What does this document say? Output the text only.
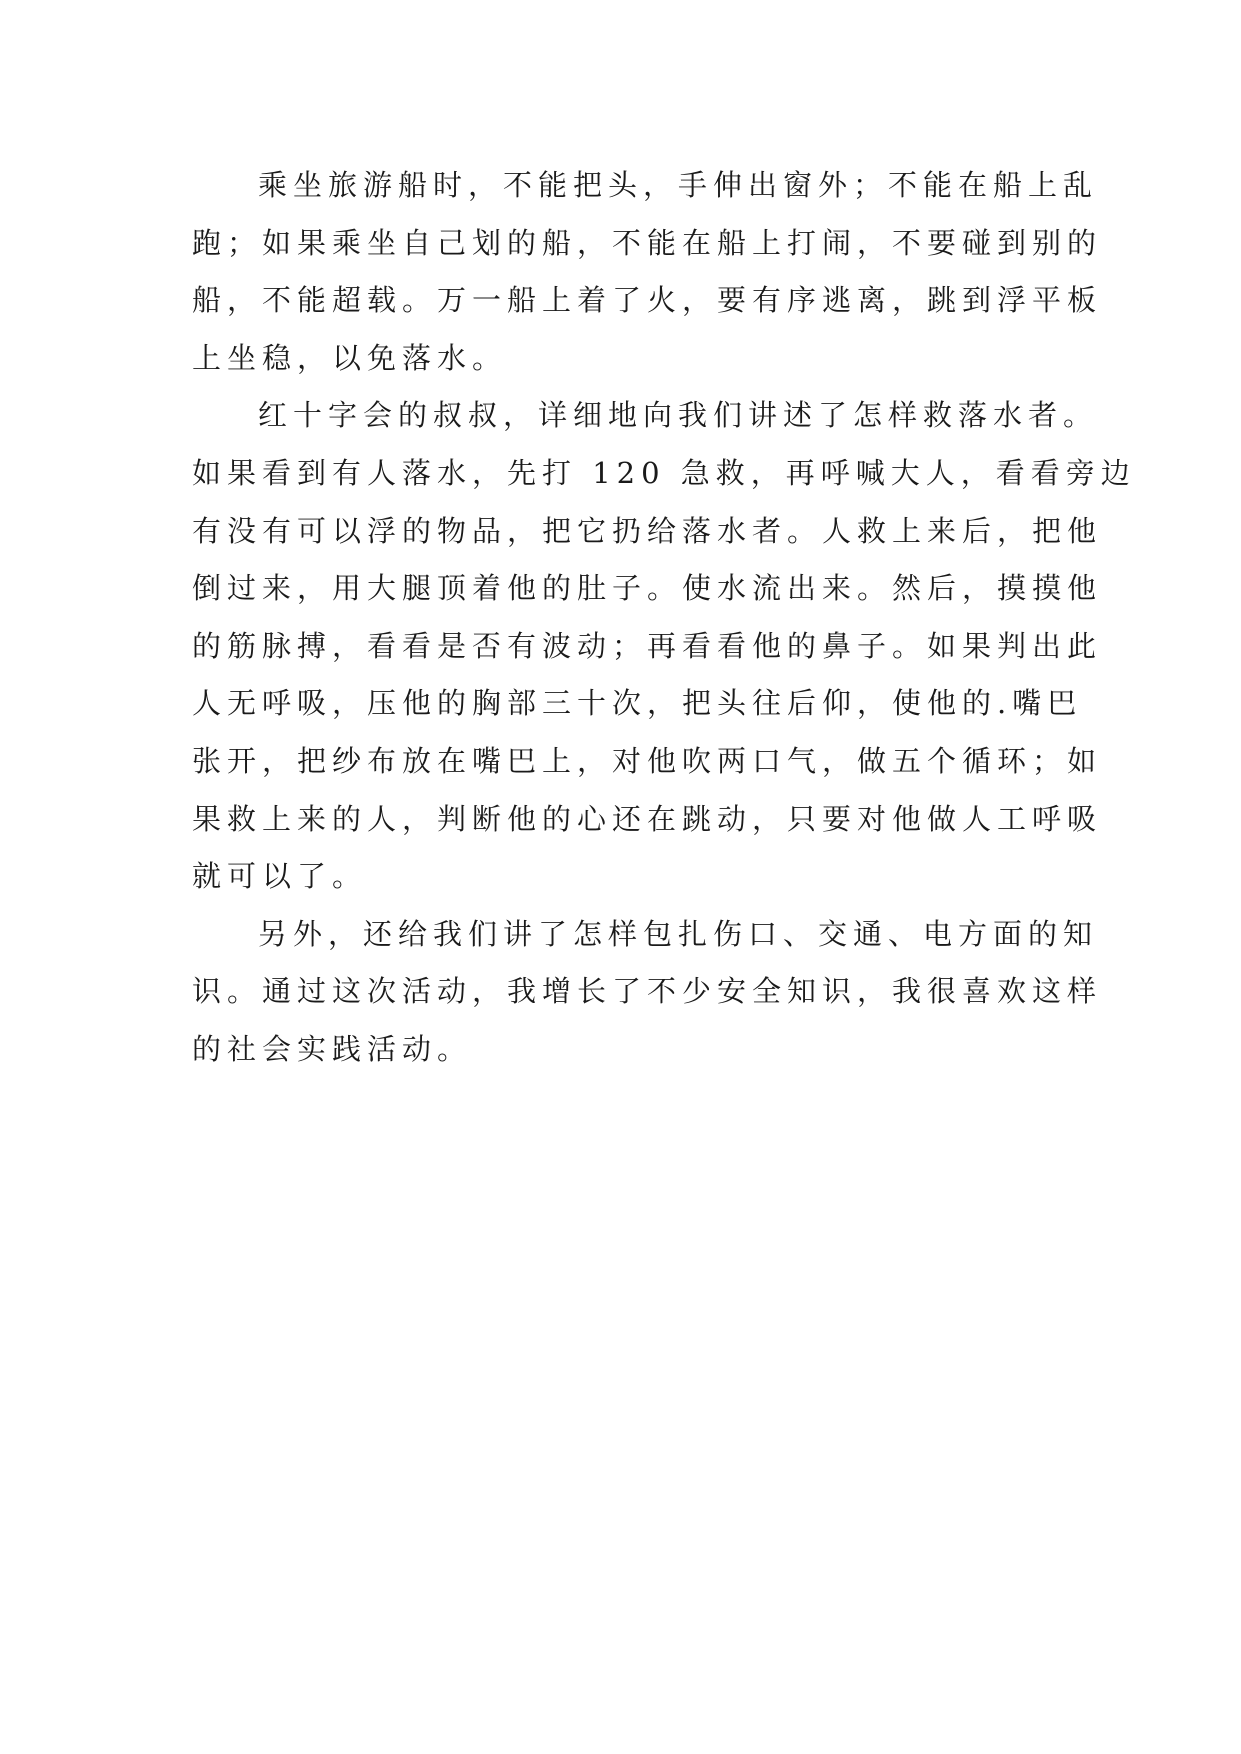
乘坐旅游船时，不能把头，手伸出窗外；不能在船上乱
跑；如果乘坐自己划的船，不能在船上打闹，不要碰到别的
船，不能超载。万一船上着了火，要有序逃离，跳到浮平板
上坐稳，以免落水。

红十字会的叔叔，详细地向我们讲述了怎样救落水者。
如果看到有人落水，先打 120 急救，再呼喊大人，看看旁边
有没有可以浮的物品，把它扔给落水者。人救上来后，把他
倒过来，用大腿顶着他的肚子。使水流出来。然后，摸摸他
的筋脉搏，看看是否有波动；再看看他的鼻子。如果判出此
人无呼吸，压他的胸部三十次，把头往后仰，使他的.嘴巴
张开，把纱布放在嘴巴上，对他吹两口气，做五个循环；如
果救上来的人，判断他的心还在跳动，只要对他做人工呼吸
就可以了。

另外，还给我们讲了怎样包扎伤口、交通、电方面的知
识。通过这次活动，我增长了不少安全知识，我很喜欢这样
的社会实践活动。
